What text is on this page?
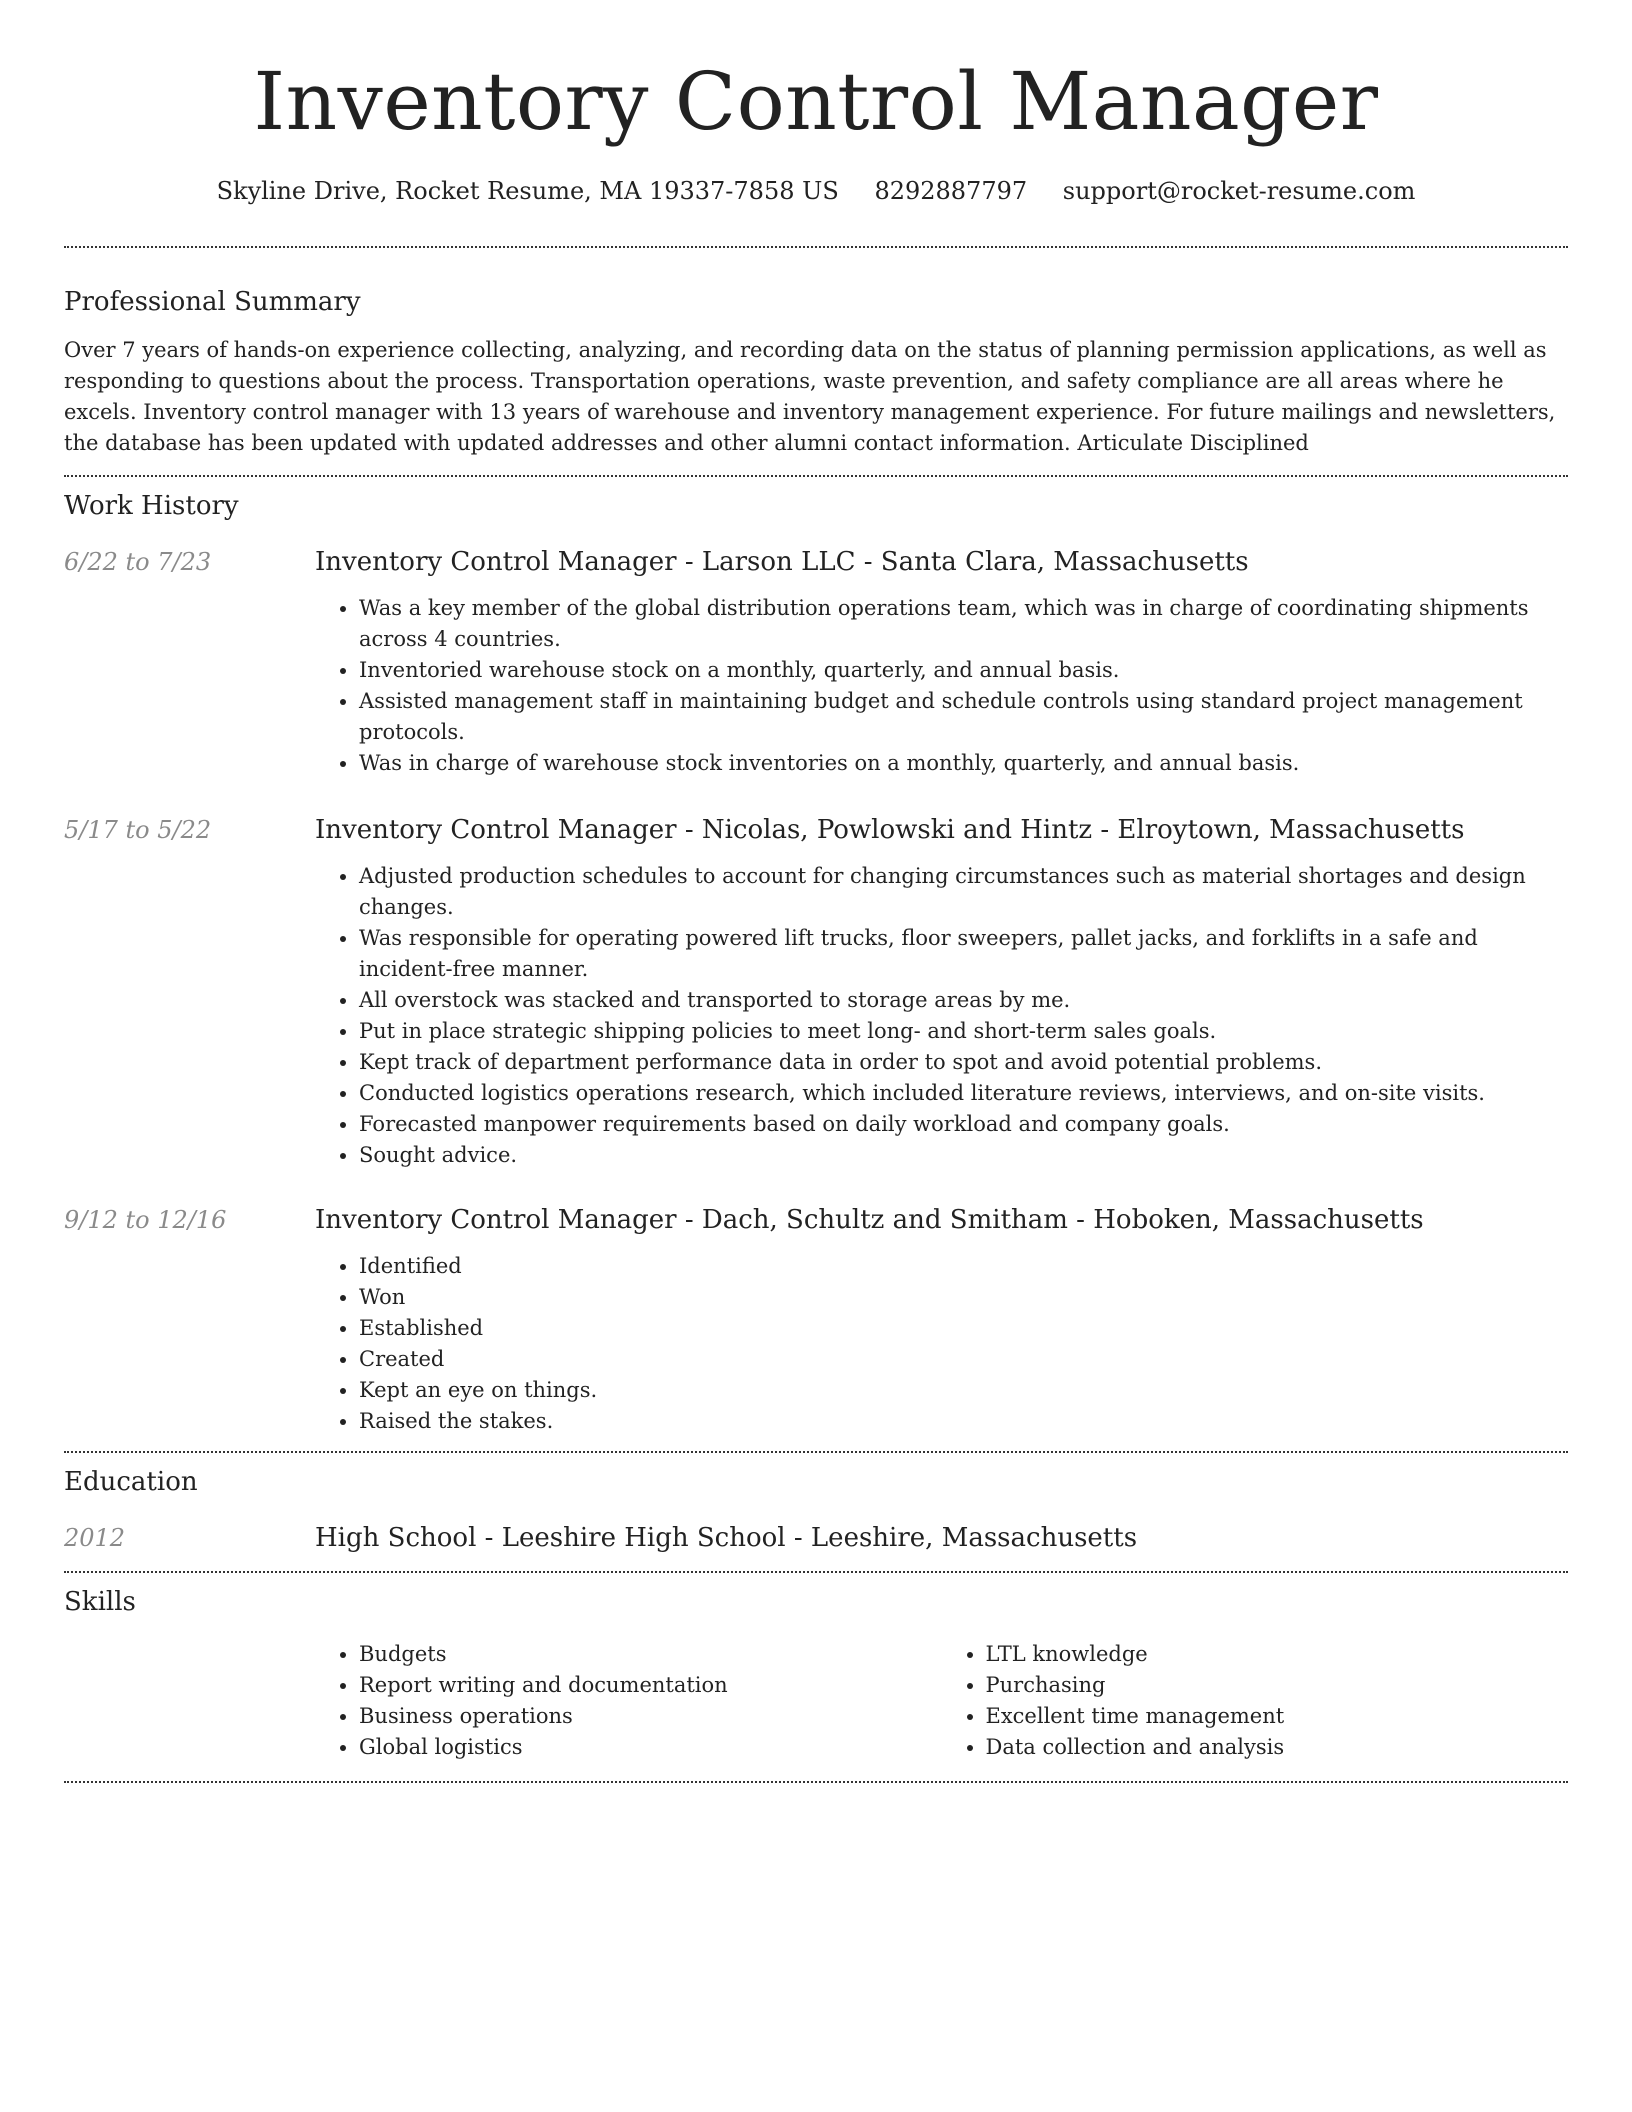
Inventory Control Manager
Skyline Drive, Rocket Resume, MA 19337-7858 US 8292887797 support@rocket-resume.com
Professional Summary

Over 7 years of hands-on experience collecting, analyzing, and recording data on the status of planning permission applications, as well as responding to questions about the process. Transportation operations, waste prevention, and safety compliance are all areas where he excels. Inventory control manager with 13 years of warehouse and inventory management experience. For future mailings and newsletters, the database has been updated with updated addresses and other alumni contact information. Articulate Disciplined

Work History
6/22 to 7/23	Inventory Control Manager - Larson LLC - Santa Clara, Massachusetts
• Was a key member of the global distribution operations team, which was in charge of coordinating shipments across 4 countries.
• Inventoried warehouse stock on a monthly, quarterly, and annual basis.
• Assisted management staff in maintaining budget and schedule controls using standard project management protocols.
• Was in charge of warehouse stock inventories on a monthly, quarterly, and annual basis.
5/17 to 5/22	Inventory Control Manager - Nicolas, Powlowski and Hintz - Elroytown, Massachusetts
• Adjusted production schedules to account for changing circumstances such as material shortages and design changes.
• Was responsible for operating powered lift trucks, floor sweepers, pallet jacks, and forklifts in a safe and incident-free manner.
• All overstock was stacked and transported to storage areas by me.
• Put in place strategic shipping policies to meet long- and short-term sales goals.
• Kept track of department performance data in order to spot and avoid potential problems.
• Conducted logistics operations research, which included literature reviews, interviews, and on-site visits.
• Forecasted manpower requirements based on daily workload and company goals.
• Sought advice.
9/12 to 12/16	Inventory Control Manager - Dach, Schultz and Smitham - Hoboken, Massachusetts
• Identified
• Won
• Established
• Created
• Kept an eye on things.
• Raised the stakes.
Education
2012	High School - Leeshire High School - Leeshire, Massachusetts
Skills
• Budgets
• Report writing and documentation
• Business operations
• Global logistics
• LTL knowledge
• Purchasing
• Excellent time management
• Data collection and analysis
